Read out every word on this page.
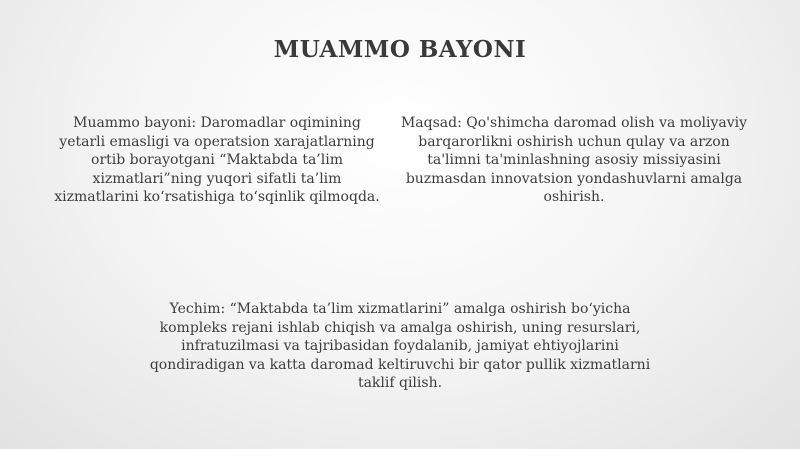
MUAMMO BAYONI
Muammo bayoni: Daromadlar oqimining yetarli emasligi va operatsion xarajatlarning ortib borayotgani “Maktabda ta’lim xizmatlari”ning yuqori sifatli ta’lim xizmatlarini ko‘rsatishiga to‘sqinlik qilmoqda.
Maqsad: Qo'shimcha daromad olish va moliyaviy barqarorlikni oshirish uchun qulay va arzon ta'limni ta'minlashning asosiy missiyasini buzmasdan innovatsion yondashuvlarni amalga oshirish.
Yechim: “Maktabda ta’lim xizmatlarini” amalga oshirish bo‘yicha kompleks rejani ishlab chiqish va amalga oshirish, uning resurslari, infratuzilmasi va tajribasidan foydalanib, jamiyat ehtiyojlarini qondiradigan va katta daromad keltiruvchi bir qator pullik xizmatlarni taklif qilish.
